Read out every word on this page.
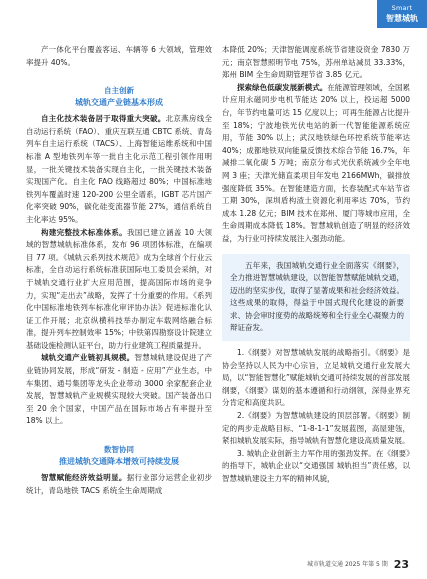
Smart
智慧城轨

产一体化平台覆盖客运、车辆等 6 大领域，管理效率提升 40%。

自主创新
城轨交通产业链基本形成

自主化技术装备居于取得重大突破。北京燕房线全自动运行系统（FAO）、重庆互联互通 CBTC 系统、青岛列车自主运行系统（TACS）、上海智能运维系统和中国标准 A 型地铁列车等一批自主化示范工程引领作用明显，一批关键技术装备实现自主化，一批关键技术装备实现国产化。自主化 FAO 线路超过 80%；中国标准地铁列车覆盖时速 120-200 公里全谱系，IGBT 芯片国产化率突破 90%，碳化硅变流器节能 27%，通信系统自主化率达 95%。

构建完整技术标准体系。我国已建立涵盖 10 大领域的智慧城轨标准体系，发布 96 项团体标准，在编项目 77 项。《城轨云系列技术规范》成为全球首个行业云标准，全自动运行系统标准获国际电工委员会采纳，对于城轨交通行业扩大应用范围，提高国际市场的竞争力，实现“走出去”战略，发挥了十分重要的作用。《系列化中国标准地铁列车标准化审评协办法》促进标准化认证工作开展；北京纵横科技举办制定车载网络融合标准，提升列车控制效率 15%；中铁第四勘察设计院建立基础设施检测认证平台，助力行业建筑工程质量提升。

城轨交通产业链初具规模。智慧城轨建设促进了产业链协同发展，形成“研发 - 制造 - 应用”产业生态，中车集团、通号集团等龙头企业带动 3000 余家配套企业发展，智慧城轨产业规模实现较大突破。国产装备出口至 20 余个国家，中国产品在国际市场占有率提升至 18% 以上。

数智协同
推进城轨交通降本增效可持续发展

智慧赋能经济效益明显。据行业部分运营企业初步统计，青岛地铁 TACS 系统全生命周期成

本降低 20%；天津智能调度系统节省建设资金 7830 万元；南京智慧照明节电 75%，苏州单站减员 33.33%，郑州 BIM 全生命周期管理节省 3.85 亿元。

探索绿色低碳发展新模式。在能源管理领域，全国累计应用永磁同步电机节能达 20% 以上，投运超 5000 台，年节约电量可达 15 亿度以上；可再生能源占比提升至 18%；宁波地铁光伏电站的新一代智能能源系统应用，节能 30% 以上；武汉地铁绿色环控系统节能率达 40%；成都地铁双向能量反馈技术综合节能 16.7%，年减排二氧化碳 5 万吨；南京分布式光伏系统减少全年电网 3 座；天津光储直柔项目年发电 2166MWh，碳排放强度降低 35%。在智能建造方面，长春装配式车站节省工期 30%，深圳盾构渣土资源化利用率达 70%，节约成本 1.28 亿元；BIM 技术在郑州、厦门等城市应用，全生命周期成本降低 18%。智慧城轨创造了明显的经济效益，为行业可持续发展注入强劲动能。

五年来，我国城轨交通行业全面落实《纲要》，全力推进智慧城轨建设，以智能智慧赋能城轨交通，迈出的坚实步伐，取得了显著成果和社会经济效益。这些成果的取得，得益于中国式现代化建设的新要求、协会审时度势的战略统筹和全行业全心凝聚力的辩证奋发。

1.《纲要》对智慧城轨发展的战略指引。《纲要》是协会坚持以人民为中心宗旨，立足城轨交通行业发展大局，以“智能智慧化”赋能城轨交通可持续发展的首部发展纲要，《纲要》谋划的基本遵循和行动纲领，深得业界充分肯定和高度共识。

2.《纲要》为智慧城轨建设的顶层部署。《纲要》制定的两步走战略目标、“1-8-1-1”发展蓝图，高屋建瓴，紧扣城轨发展实际，指导城轨有智慧化建设高质量发展。

3. 城轨企业创新主力军作用的强劲发挥。在《纲要》的指导下，城轨企业以“交通强国 城轨担当”责任感，以智慧城轨建设主力军的精神风貌，

城市轨道交通 2025 年第 5 期 23
